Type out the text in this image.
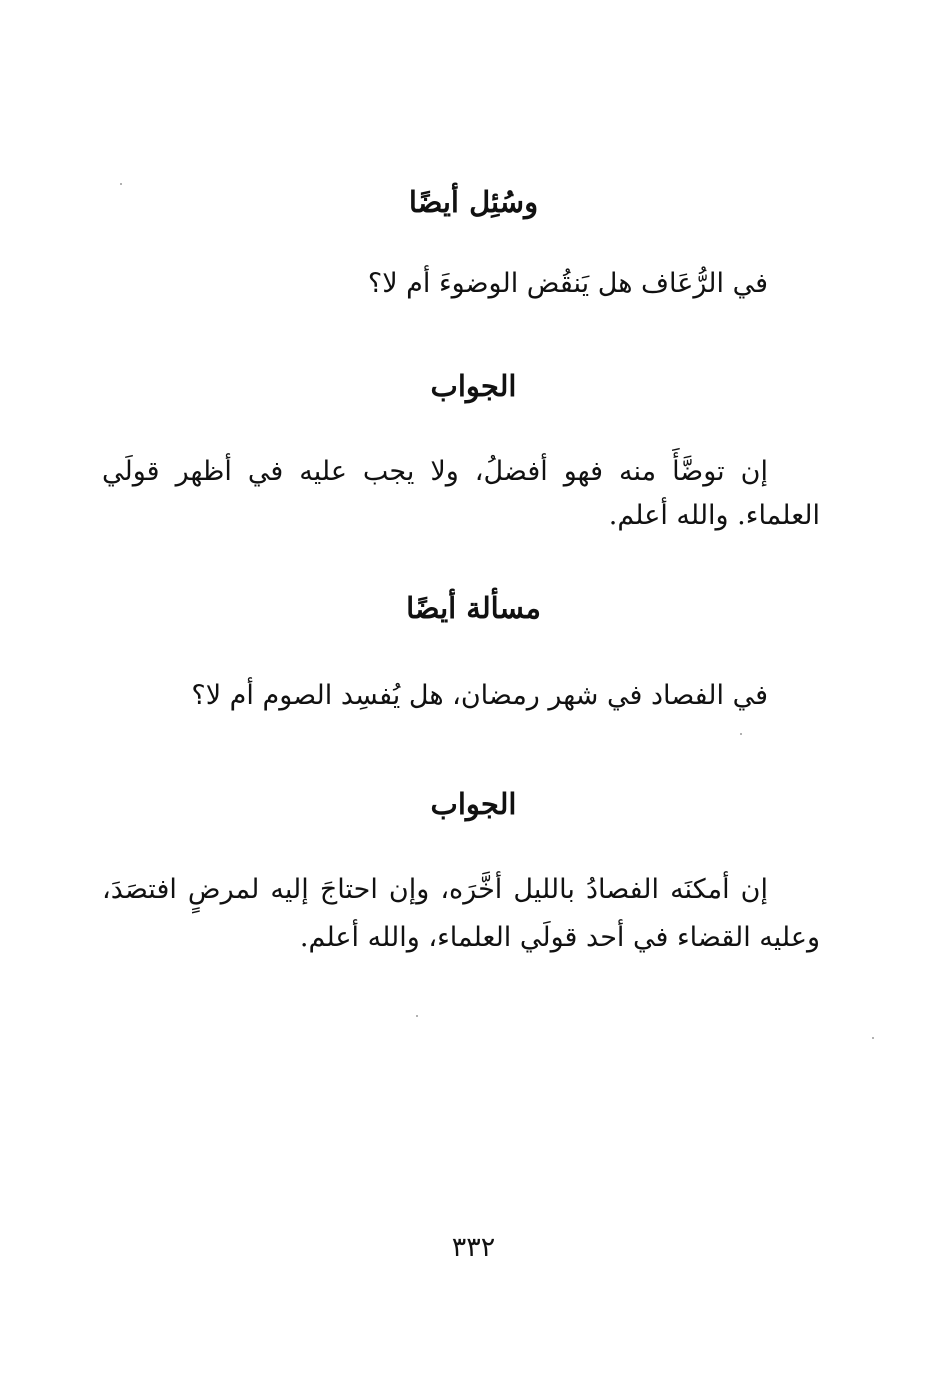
وسُئِل أيضًا
في الرُّعَاف هل يَنقُض الوضوءَ أم لا؟
الجواب
إن توضَّأَ منه فهو أفضلُ، ولا يجب عليه في أظهر قولَي
العلماء. والله أعلم.
مسألة أيضًا
في الفصاد في شهر رمضان، هل يُفسِد الصوم أم لا؟
الجواب
إن أمكنَه الفصادُ بالليل أخَّرَه، وإن احتاجَ إليه لمرضٍ افتصَدَ،
وعليه القضاء في أحد قولَي العلماء، والله أعلم.
٣٣٢
